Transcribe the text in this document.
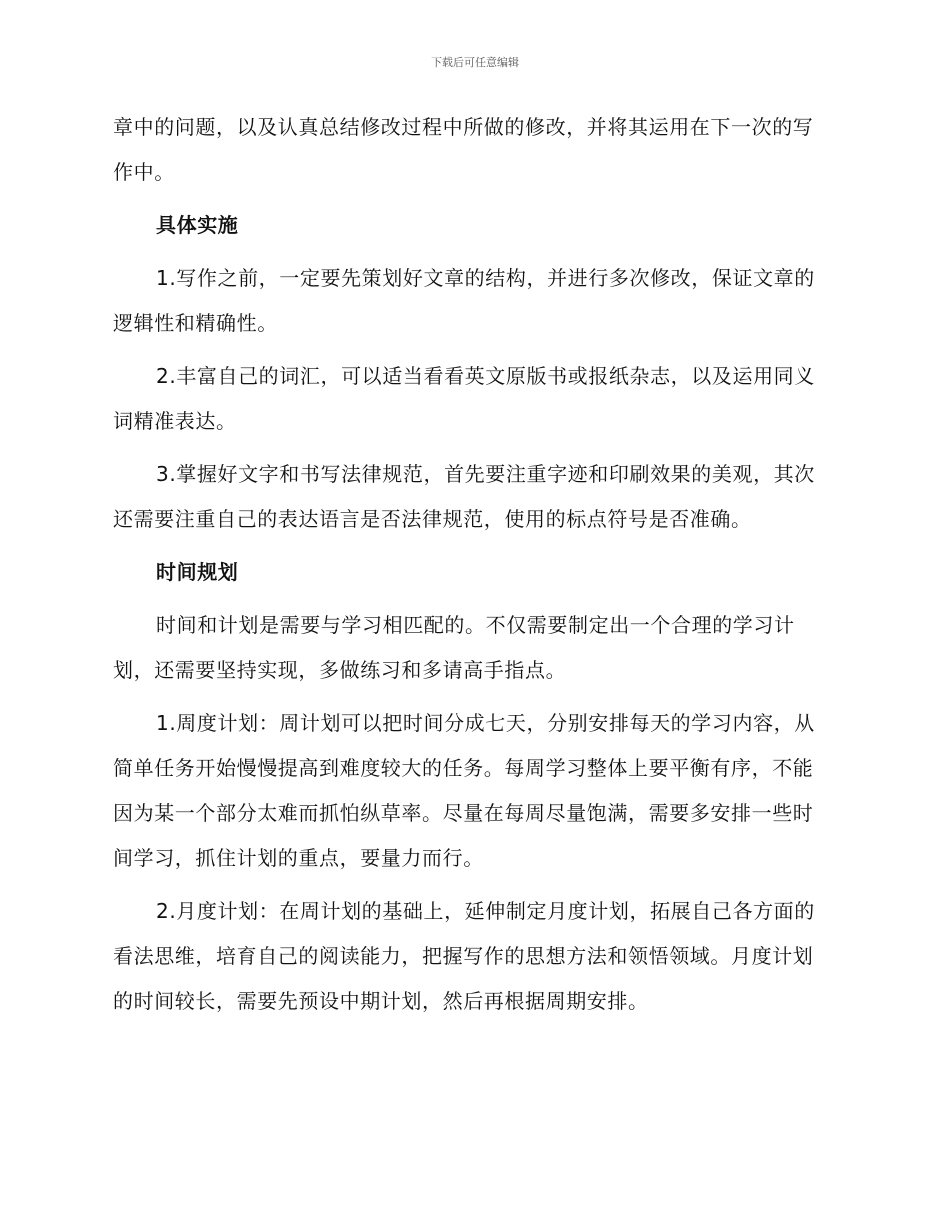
下载后可任意编辑

章中的问题，以及认真总结修改过程中所做的修改，并将其运用在下一次的写作中。

具体实施

1.写作之前，一定要先策划好文章的结构，并进行多次修改，保证文章的逻辑性和精确性。

2.丰富自己的词汇，可以适当看看英文原版书或报纸杂志，以及运用同义词精准表达。

3.掌握好文字和书写法律规范，首先要注重字迹和印刷效果的美观，其次还需要注重自己的表达语言是否法律规范，使用的标点符号是否准确。

时间规划

时间和计划是需要与学习相匹配的。不仅需要制定出一个合理的学习计划，还需要坚持实现，多做练习和多请高手指点。

1.周度计划：周计划可以把时间分成七天，分别安排每天的学习内容，从简单任务开始慢慢提高到难度较大的任务。每周学习整体上要平衡有序，不能因为某一个部分太难而抓怕纵草率。尽量在每周尽量饱满，需要多安排一些时间学习，抓住计划的重点，要量力而行。

2.月度计划：在周计划的基础上，延伸制定月度计划，拓展自己各方面的看法思维，培育自己的阅读能力，把握写作的思想方法和领悟领域。月度计划的时间较长，需要先预设中期计划，然后再根据周期安排。
